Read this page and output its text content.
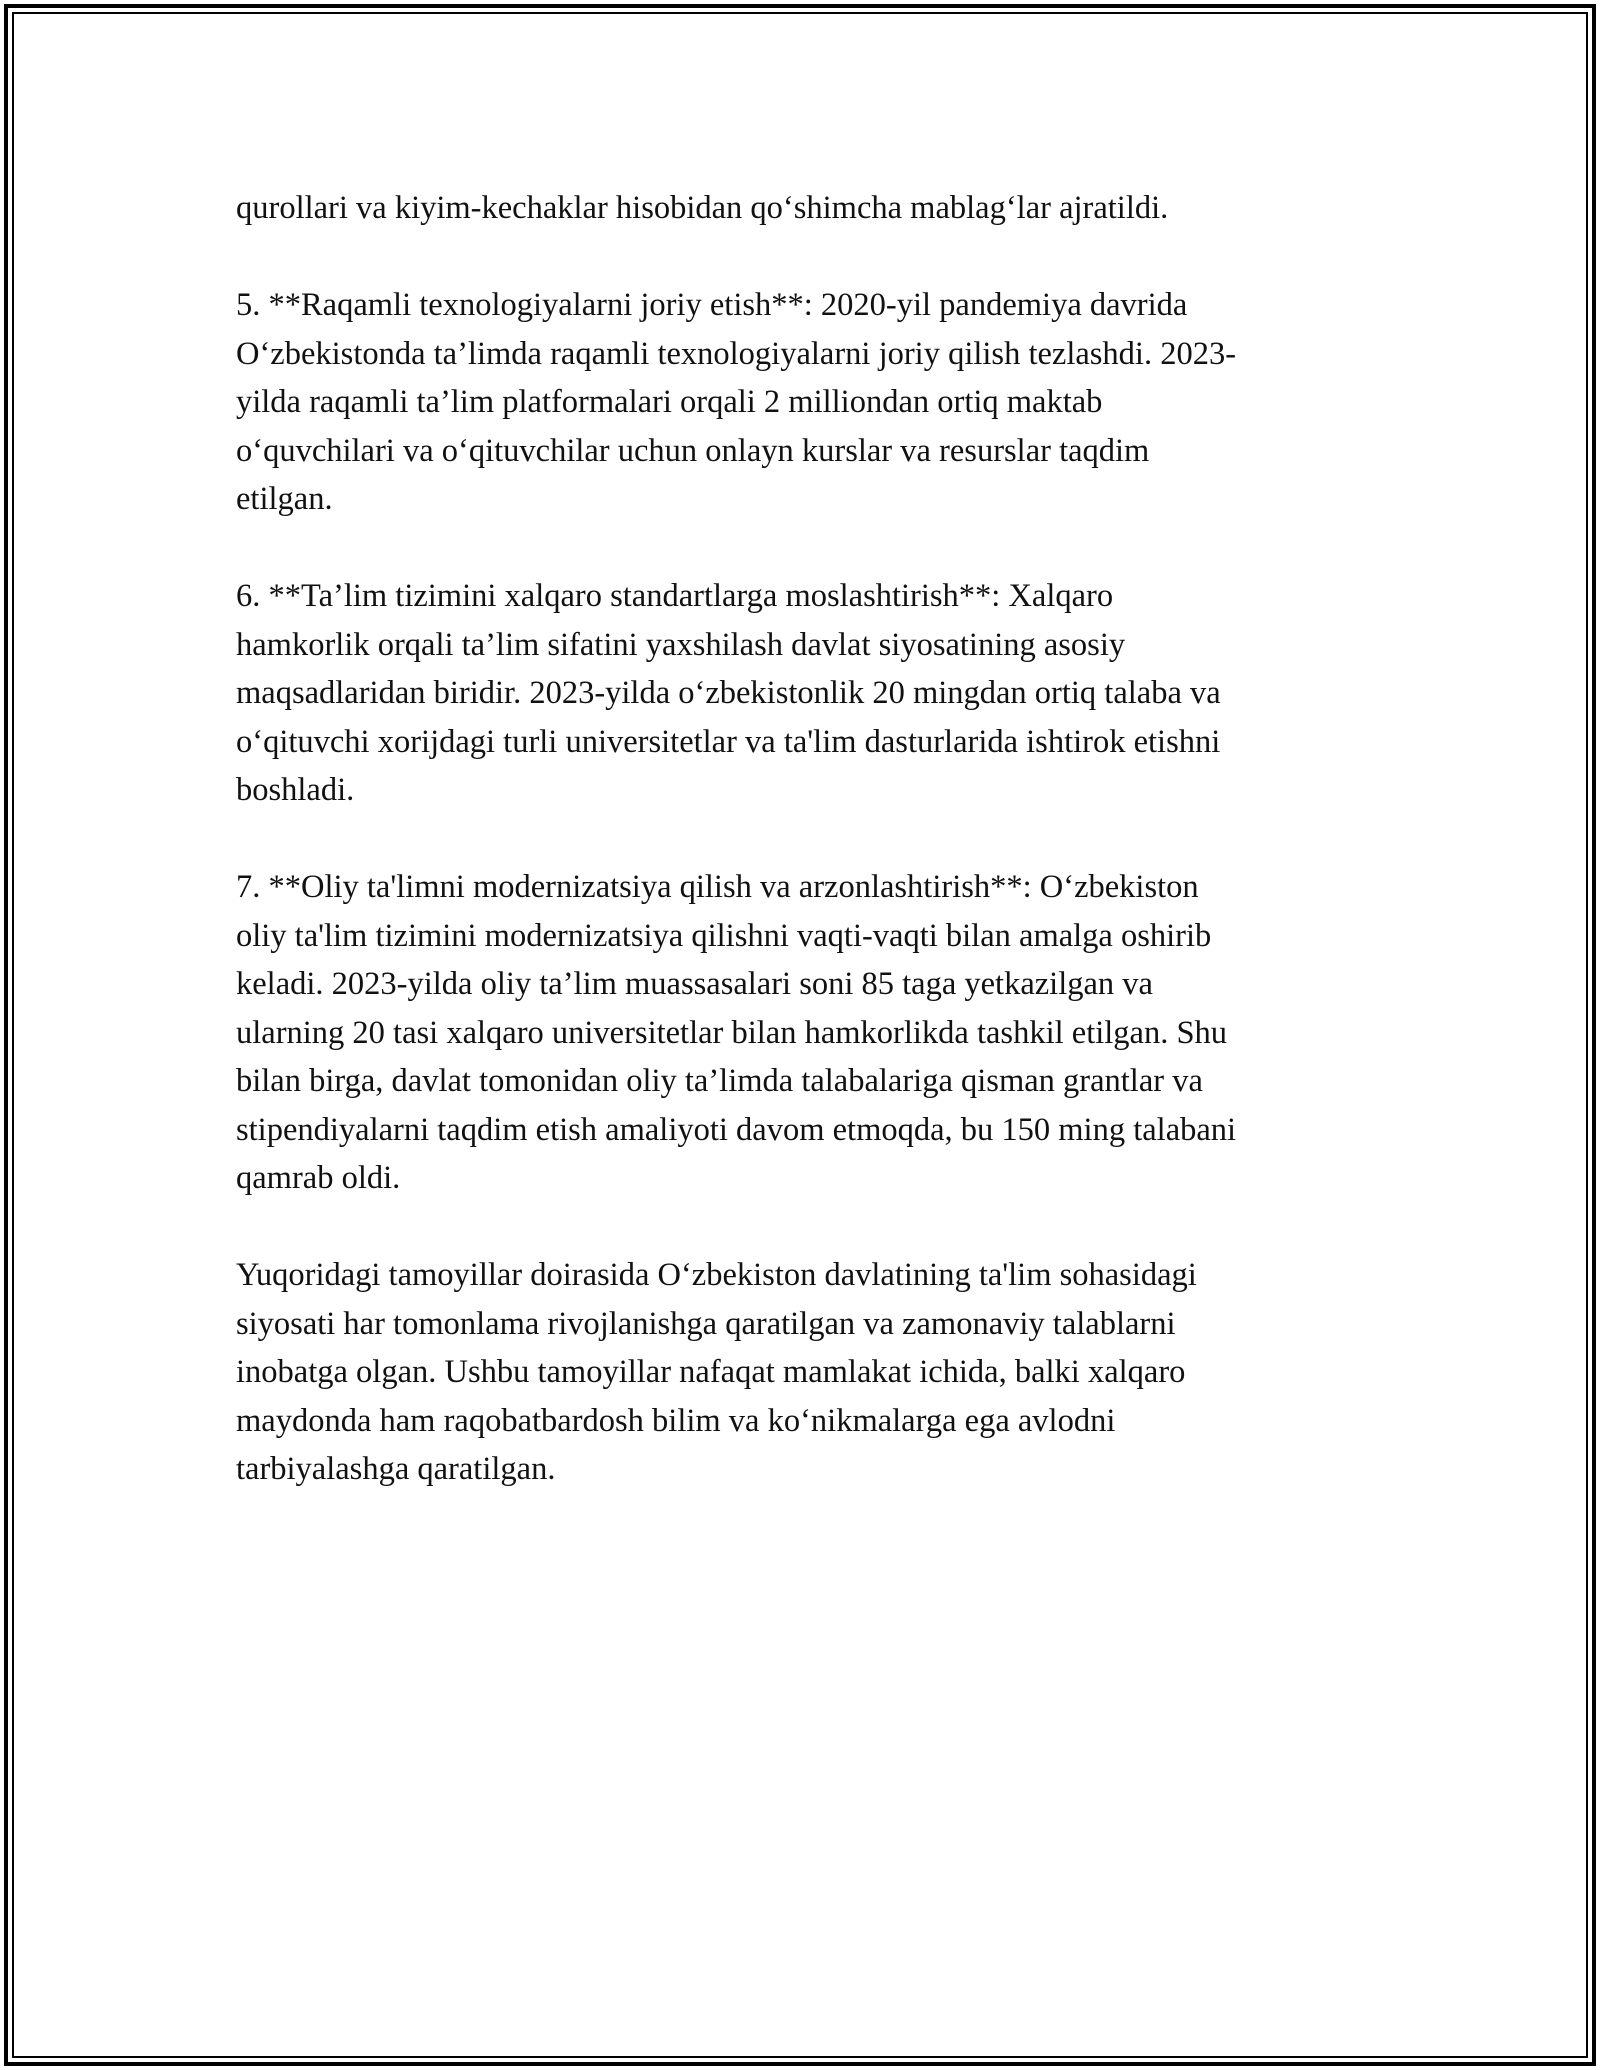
qurollari va kiyim-kechaklar hisobidan qo‘shimcha mablag‘lar ajratildi.

5. **Raqamli texnologiyalarni joriy etish**: 2020-yil pandemiya davrida
O‘zbekistonda ta’limda raqamli texnologiyalarni joriy qilish tezlashdi. 2023-
yilda raqamli ta’lim platformalari orqali 2 milliondan ortiq maktab
o‘quvchilari va o‘qituvchilar uchun onlayn kurslar va resurslar taqdim
etilgan.

6. **Ta’lim tizimini xalqaro standartlarga moslashtirish**: Xalqaro
hamkorlik orqali ta’lim sifatini yaxshilash davlat siyosatining asosiy
maqsadlaridan biridir. 2023-yilda o‘zbekistonlik 20 mingdan ortiq talaba va
o‘qituvchi xorijdagi turli universitetlar va ta'lim dasturlarida ishtirok etishni
boshladi.

7. **Oliy ta'limni modernizatsiya qilish va arzonlashtirish**: O‘zbekiston
oliy ta'lim tizimini modernizatsiya qilishni vaqti-vaqti bilan amalga oshirib
keladi. 2023-yilda oliy ta’lim muassasalari soni 85 taga yetkazilgan va
ularning 20 tasi xalqaro universitetlar bilan hamkorlikda tashkil etilgan. Shu
bilan birga, davlat tomonidan oliy ta’limda talabalariga qisman grantlar va
stipendiyalarni taqdim etish amaliyoti davom etmoqda, bu 150 ming talabani
qamrab oldi.

Yuqoridagi tamoyillar doirasida O‘zbekiston davlatining ta'lim sohasidagi
siyosati har tomonlama rivojlanishga qaratilgan va zamonaviy talablarni
inobatga olgan. Ushbu tamoyillar nafaqat mamlakat ichida, balki xalqaro
maydonda ham raqobatbardosh bilim va ko‘nikmalarga ega avlodni
tarbiyalashga qaratilgan.
